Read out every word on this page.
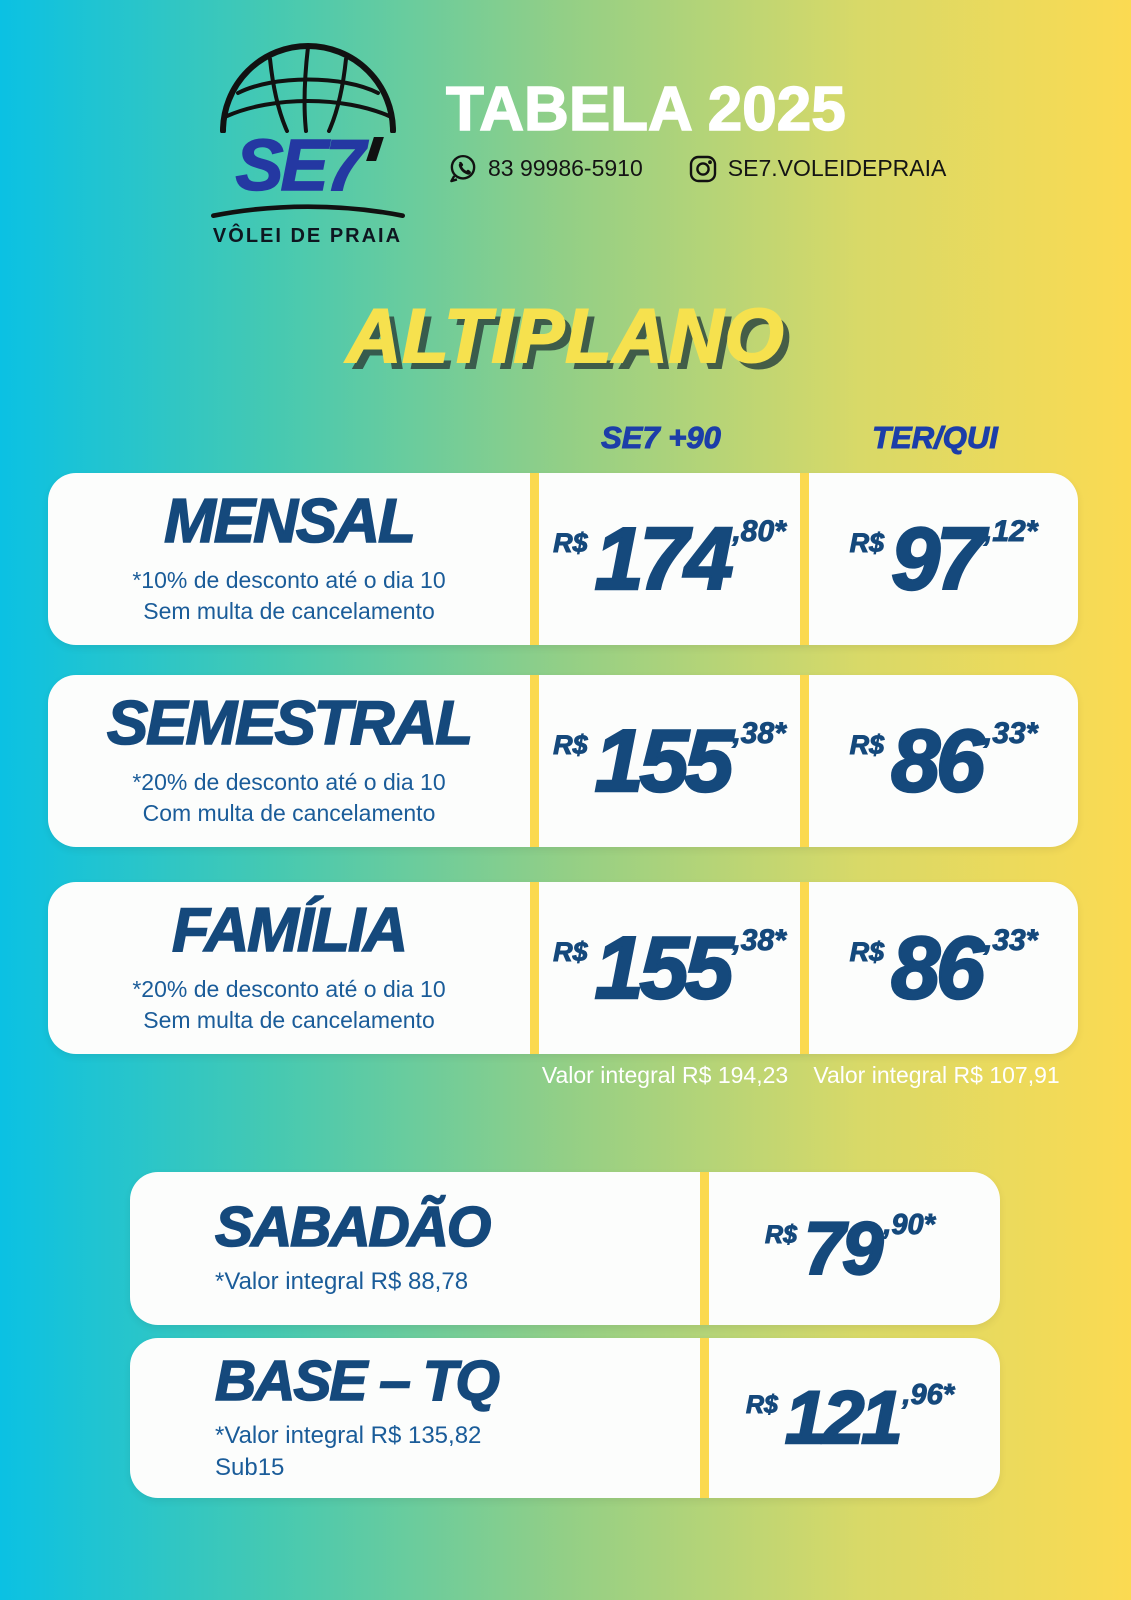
SE7
VÔLEI DE PRAIA
TABELA 2025
83 99986-5910	SE7.VOLEIDEPRAIA
ALTIPLANO
SE7 +90	TER/QUI
MENSAL
*10% de desconto até o dia 10
Sem multa de cancelamento
R$ 174 ,80* R$ 97 ,12*
SEMESTRAL
*20% de desconto até o dia 10
Com multa de cancelamento
R$ 155 ,38* R$ 86 ,33*
FAMÍLIA
*20% de desconto até o dia 10
Sem multa de cancelamento
R$ 155 ,38* R$ 86 ,33*
Valor integral R$ 194,23	Valor integral R$ 107,91
SABADÃO
*Valor integral R$ 88,78
R$ 79 ,90*
BASE – TQ
*Valor integral R$ 135,82
Sub15
R$ 121 ,96*
